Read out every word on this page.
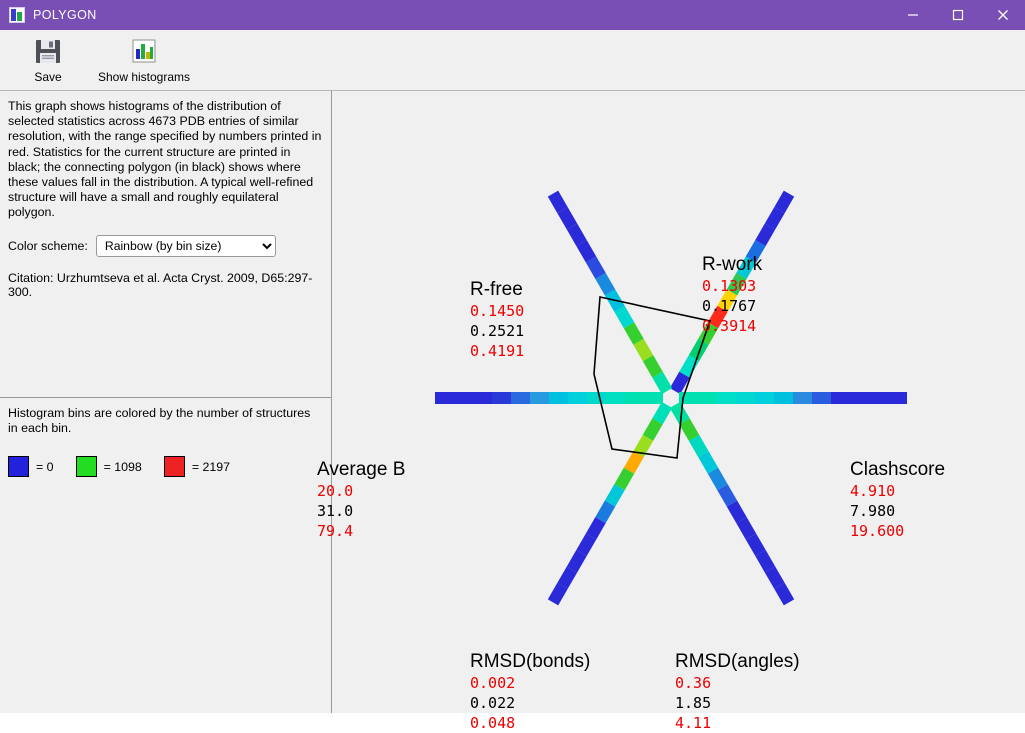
POLYGON
Save	Show histograms

This graph shows histograms of the distribution of selected statistics across 4673 PDB entries of similar resolution, with the range specified by numbers printed in red. Statistics for the current structure are printed in black; the connecting polygon (in black) shows where these values fall in the distribution. A typical well-refined structure will have a small and roughly equilateral polygon.

Color scheme:
Rainbow (by bin size)
Citation: Urzhumtseva et al. Acta Cryst. 2009, D65:297-300.

Histogram bins are colored by the number of structures in each bin.

= 0	= 1098	= 2197
R-work
0.1303
0.1767
0.3914
Clashscore
4.910
7.980
19.600
RMSD(angles)
0.36
1.85
4.11
RMSD(bonds)
0.002
0.022
0.048
Average B
20.0
31.0
79.4
R-free
0.1450
0.2521
0.4191
